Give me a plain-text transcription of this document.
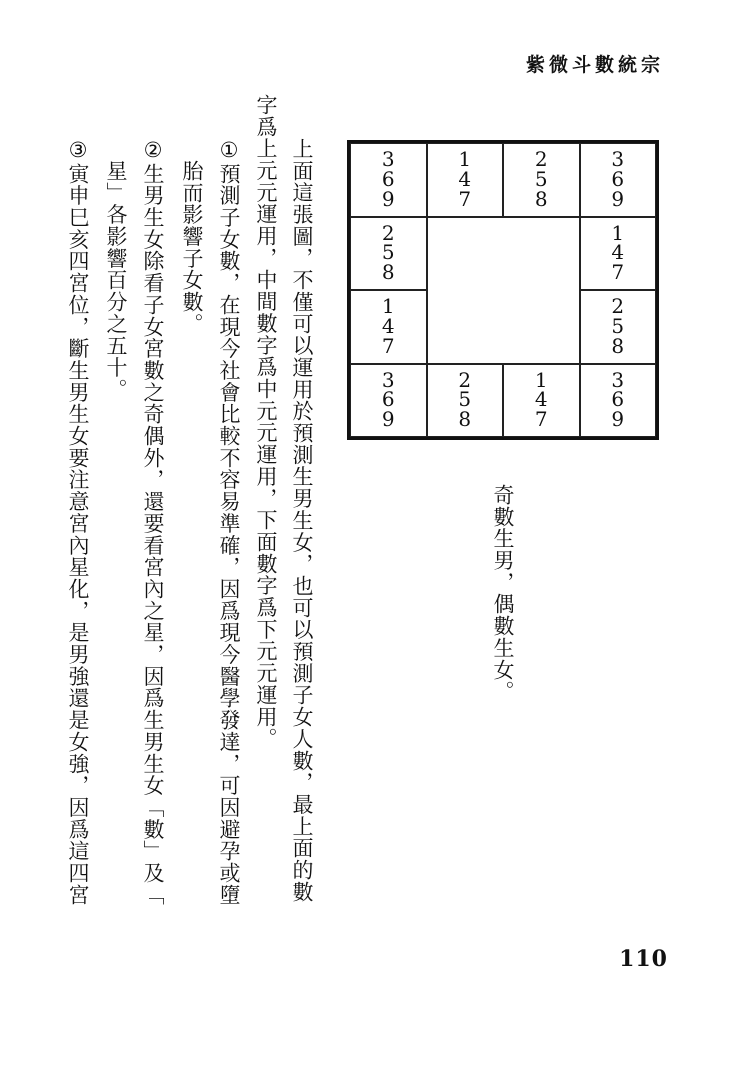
紫微斗數統宗
3
6
9
1
4
7
2
5
8
3
6
9
2
5
8
1
4
7
1
4
7
2
5
8
3
6
9
2
5
8
1
4
7
3
6
9
奇數生男，偶數生女。
上面這張圖，不僅可以運用於預測生男生女，也可以預測子女人數，最上面的數
字爲上元元運用，中間數字爲中元元運用，下面數字爲下元元運用。
①預測子女數，在現今社會比較不容易準確，因爲現今醫學發達，可因避孕或墮
胎而影響子女數。
②生男生女除看子女宮數之奇偶外，還要看宮內之星，因爲生男生女「數」及「
星」各影響百分之五十。
③寅申巳亥四宮位，斷生男生女要注意宮內星化，是男強還是女強，因爲這四宮
110
